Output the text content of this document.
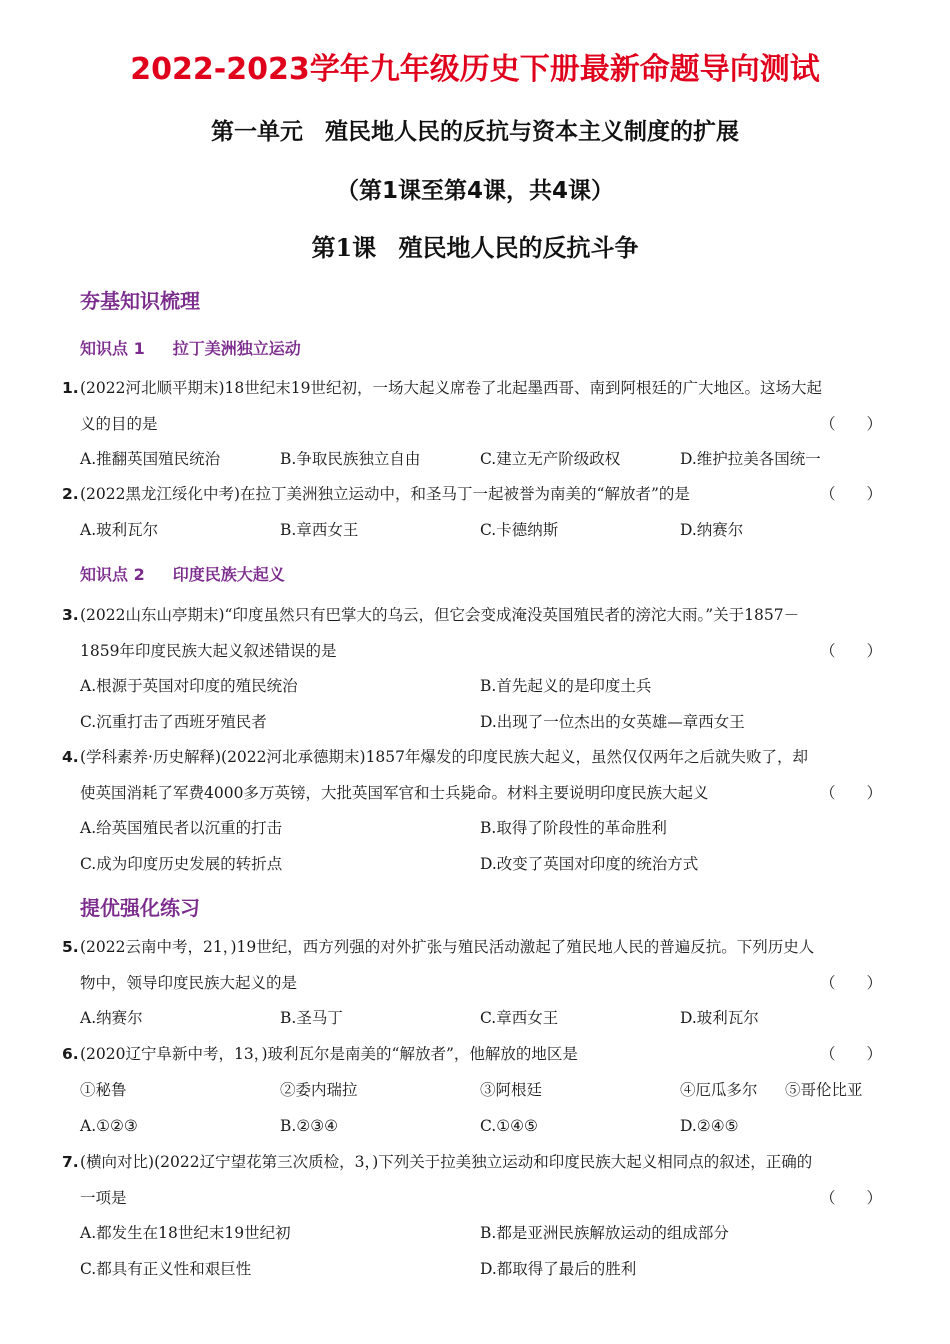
2022-2023学年九年级历史下册最新命题导向测试
第一单元 殖民地人民的反抗与资本主义制度的扩展
（第1课至第4课，共4课）
第1课 殖民地人民的反抗斗争
夯基知识梳理
知识点 1 拉丁美洲独立运动
1.(2022河北顺平期末)18世纪末19世纪初，一场大起义席卷了北起墨西哥、南到阿根廷的广大地区。这场大起
义的目的是	（　　）
A.推翻英国殖民统治	B.争取民族独立自由	C.建立无产阶级政权	D.维护拉美各国统一
2.(2022黑龙江绥化中考)在拉丁美洲独立运动中，和圣马丁一起被誉为南美的“解放者”的是	（　　）
A.玻利瓦尔	B.章西女王	C.卡德纳斯	D.纳赛尔
知识点 2 印度民族大起义
3.(2022山东山亭期末)“印度虽然只有巴掌大的乌云，但它会变成淹没英国殖民者的滂沱大雨。”关于1857－
1859年印度民族大起义叙述错误的是	（　　）
A.根源于英国对印度的殖民统治	B.首先起义的是印度土兵
C.沉重打击了西班牙殖民者	D.出现了一位杰出的女英雄—章西女王
4.(学科素养·历史解释)(2022河北承德期末)1857年爆发的印度民族大起义，虽然仅仅两年之后就失败了，却
使英国消耗了军费4000多万英镑，大批英国军官和士兵毙命。材料主要说明印度民族大起义	（　　）
A.给英国殖民者以沉重的打击	B.取得了阶段性的革命胜利
C.成为印度历史发展的转折点	D.改变了英国对印度的统治方式
提优强化练习
5.(2022云南中考，21，)19世纪，西方列强的对外扩张与殖民活动激起了殖民地人民的普遍反抗。下列历史人
物中，领导印度民族大起义的是	（　　）
A.纳赛尔	B.圣马丁	C.章西女王	D.玻利瓦尔
6.(2020辽宁阜新中考，13，)玻利瓦尔是南美的“解放者”，他解放的地区是	（　　）
①秘鲁	②委内瑞拉	③阿根廷	④厄瓜多尔 ⑤哥伦比亚
A.①②③	B.②③④	C.①④⑤	D.②④⑤
7.(横向对比)(2022辽宁望花第三次质检，3，)下列关于拉美独立运动和印度民族大起义相同点的叙述，正确的
一项是	（　　）
A.都发生在18世纪末19世纪初	B.都是亚洲民族解放运动的组成部分
C.都具有正义性和艰巨性	D.都取得了最后的胜利
